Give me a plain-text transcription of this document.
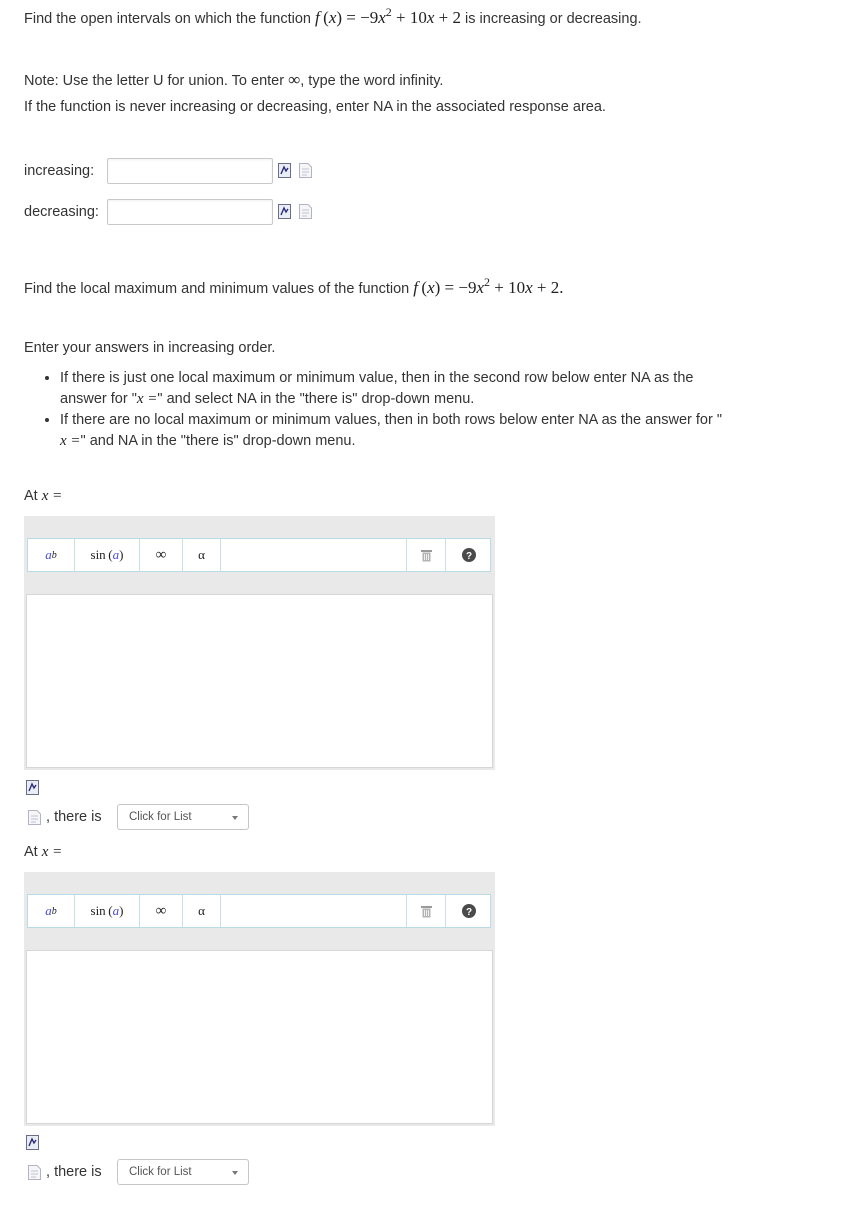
Find the open intervals on which the function f $(x) = -9x^2 + 10x + 2$ is increasing or decreasing.
Note: Use the letter U for union. To enter ∞, type the word infinity.
If the function is never increasing or decreasing, enter NA in the associated response area.
increasing:
decreasing:
Find the local maximum and minimum values of the function f $(x) = -9x^2 + 10x + 2$.
Enter your answers in increasing order.
• If there is just one local maximum or minimum value, then in the second row below enter NA as the
answer for "x =" and select NA in the "there is" drop-down menu.
• If there are no local maximum or minimum values, then in both rows below enter NA as the answer for "
x =" and NA in the "there is" drop-down menu.
At x =
a b	sin  ( a )	∞	α	?
, there is Click for List
At x =
a b	sin  ( a )	∞	α	?
, there is Click for List
